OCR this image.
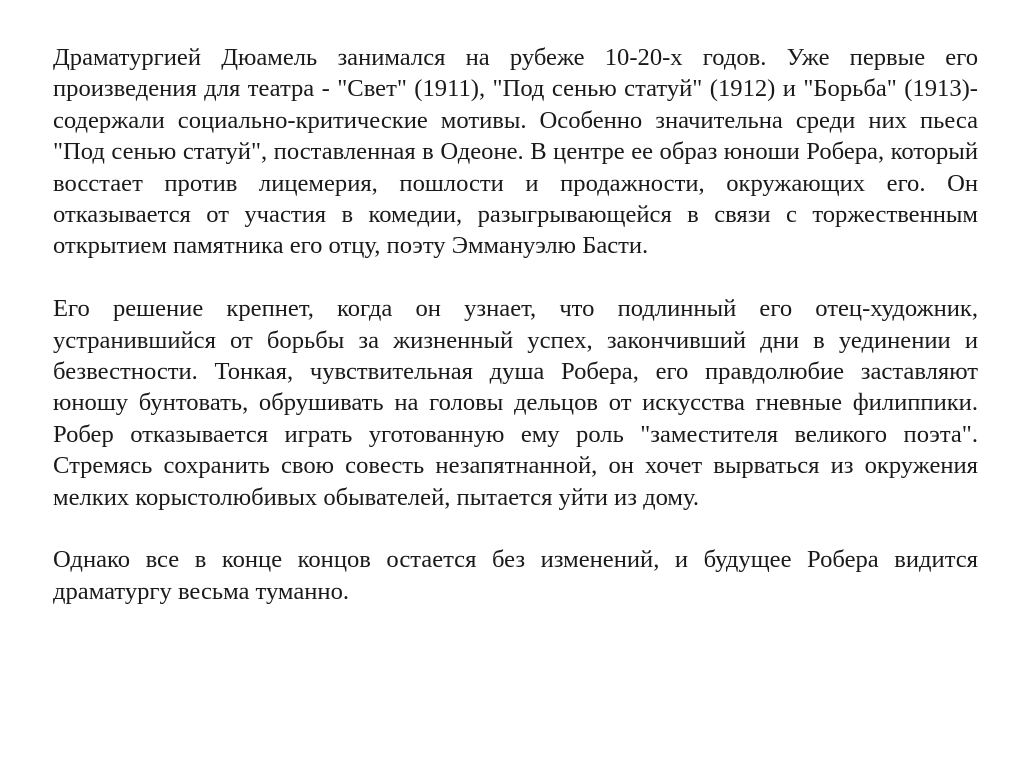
Драматургией Дюамель занимался на рубеже 10-20-х годов. Уже первые его произведения для театра - "Свет" (1911), "Под сенью статуй" (1912) и "Борьба" (1913)-содержали социально-критические мотивы. Особенно значительна среди них пьеса "Под сенью статуй", поставленная в Одеоне. В центре ее образ юноши Робера, который восстает против лицемерия, пошлости и продажности, окружающих его. Он отказывается от участия в комедии, разыгрывающейся в связи с торжественным открытием памятника его отцу, поэту Эммануэлю Басти.

Его решение крепнет, когда он узнает, что подлинный его отец-художник, устранившийся от борьбы за жизненный успех, закончивший дни в уединении и безвестности. Тонкая, чувствительная душа Робера, его правдолюбие заставляют юношу бунтовать, обрушивать на головы дельцов от искусства гневные филиппики. Робер отказывается играть уготованную ему роль "заместителя великого поэта". Стремясь сохранить свою совесть незапятнанной, он хочет вырваться из окружения мелких корыстолюбивых обывателей, пытается уйти из дому.

Однако все в конце концов остается без изменений, и будущее Робера видится драматургу весьма туманно.
